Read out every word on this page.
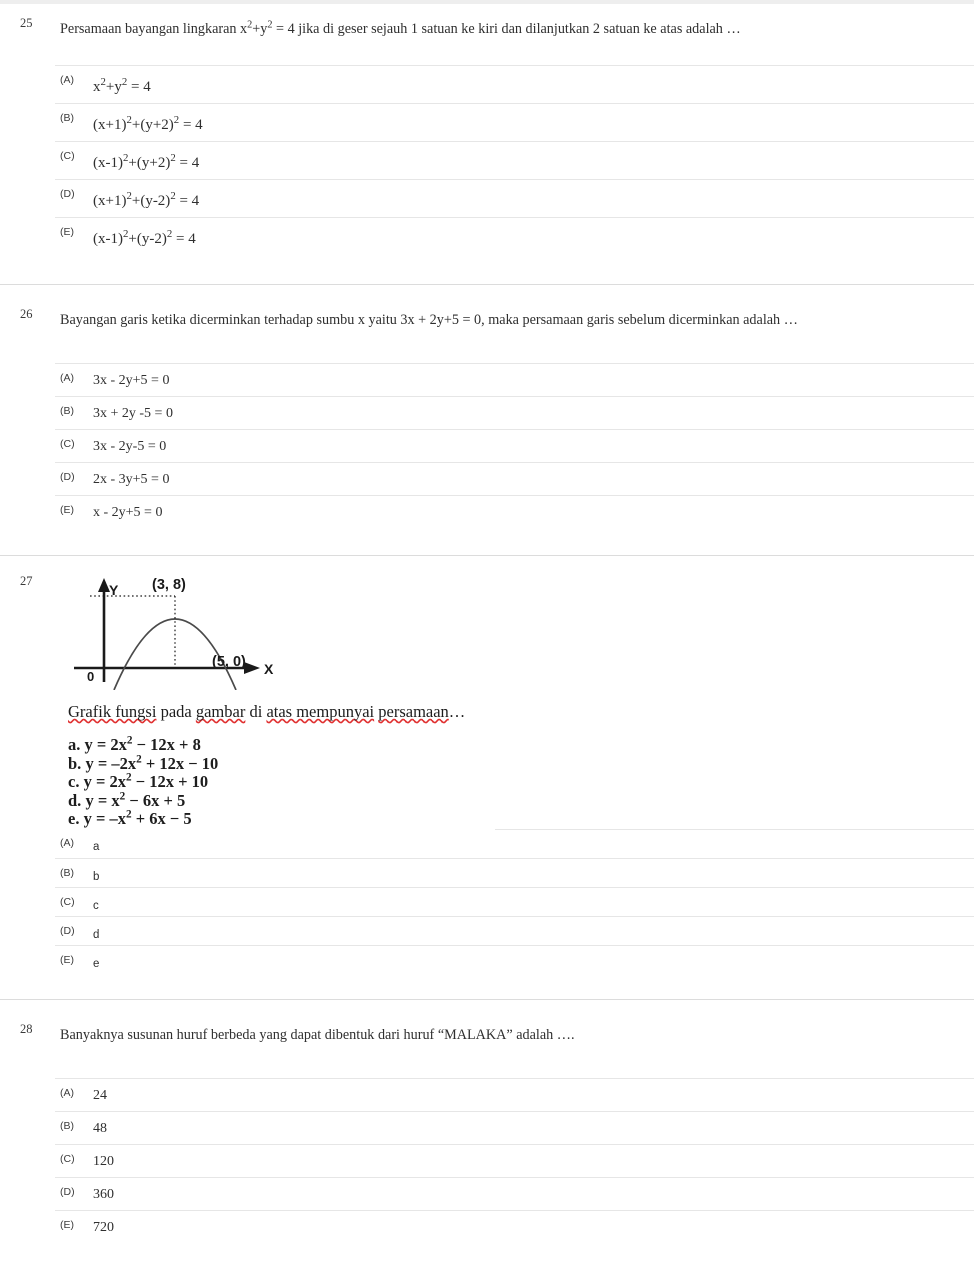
25	Persamaan bayangan lingkaran $x^2+y^2 = 4$ jika di geser sejauh 1 satuan ke kiri dan dilanjutkan 2 satuan ke atas adalah …
(A) $x^2+y^2 = 4$
(B) $(x+1)^2+(y+2)^2 = 4$
(C) $(x-1)^2+(y+2)^2 = 4$
(D) $(x+1)^2+(y-2)^2 = 4$
(E) $(x-1)^2+(y-2)^2 = 4$
26	Bayangan garis ketika dicerminkan terhadap sumbu x yaitu 3x + 2y+5 = 0, maka persamaan garis sebelum dicerminkan adalah …
(A) 3x - 2y+5 = 0
(B) 3x + 2y -5 = 0
(C) 3x - 2y-5 = 0
(D) 2x - 3y+5 = 0
(E) x - 2y+5 = 0
27
Y
X
0
(3, 8)
(5, 0)
Grafik fungsi pada gambar di atas mempunyai persamaan…
a. $y = 2x^2 - 12x + 8$
b. $y = -2x^2 + 12x - 10$
c. $y = 2x^2 - 12x + 10$
d. $y = x^2 - 6x + 5$
e. $y = -x^2 + 6x - 5$
(A) a
(B) b
(C) c
(D) d
(E) e
28	Banyaknya susunan huruf berbeda yang dapat dibentuk dari huruf “MALAKA” adalah ….
(A) 24
(B) 48
(C) 120
(D) 360
(E) 720
